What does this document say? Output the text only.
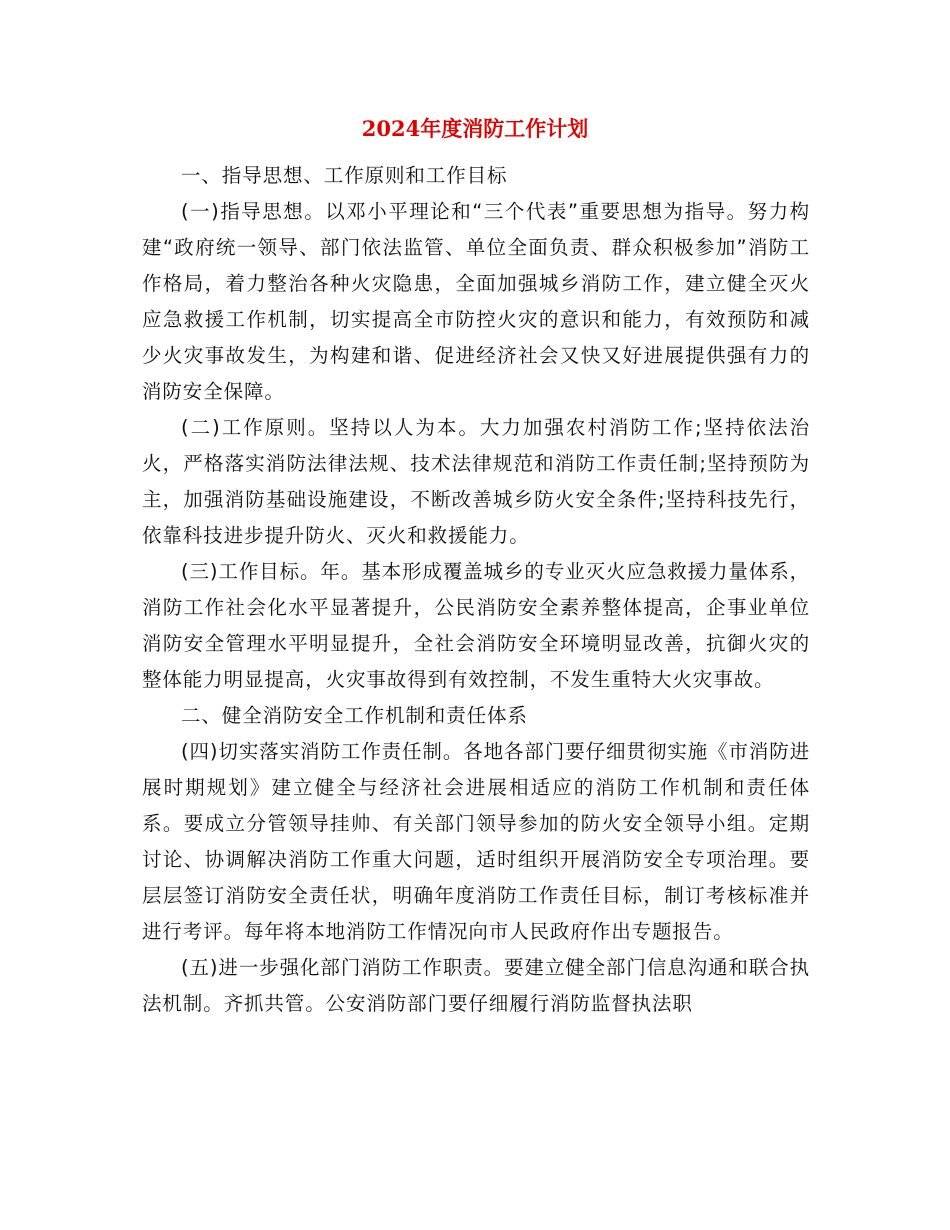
2024年度消防工作计划

一、指导思想、工作原则和工作目标

(一)指导思想。以邓小平理论和“三个代表”重要思想为指导。努力构建“政府统一领导、部门依法监管、单位全面负责、群众积极参加”消防工作格局，着力整治各种火灾隐患，全面加强城乡消防工作，建立健全灭火应急救援工作机制，切实提高全市防控火灾的意识和能力，有效预防和减少火灾事故发生，为构建和谐、促进经济社会又快又好进展提供强有力的消防安全保障。

(二)工作原则。坚持以人为本。大力加强农村消防工作;坚持依法治火，严格落实消防法律法规、技术法律规范和消防工作责任制;坚持预防为主，加强消防基础设施建设，不断改善城乡防火安全条件;坚持科技先行，依靠科技进步提升防火、灭火和救援能力。

(三)工作目标。年。基本形成覆盖城乡的专业灭火应急救援力量体系，消防工作社会化水平显著提升，公民消防安全素养整体提高，企事业单位消防安全管理水平明显提升，全社会消防安全环境明显改善，抗御火灾的整体能力明显提高，火灾事故得到有效控制，不发生重特大火灾事故。

二、健全消防安全工作机制和责任体系

(四)切实落实消防工作责任制。各地各部门要仔细贯彻实施《市消防进展时期规划》建立健全与经济社会进展相适应的消防工作机制和责任体系。要成立分管领导挂帅、有关部门领导参加的防火安全领导小组。定期讨论、协调解决消防工作重大问题，适时组织开展消防安全专项治理。要层层签订消防安全责任状，明确年度消防工作责任目标，制订考核标准并进行考评。每年将本地消防工作情况向市人民政府作出专题报告。

(五)进一步强化部门消防工作职责。要建立健全部门信息沟通和联合执法机制。齐抓共管。公安消防部门要仔细履行消防监督执法职
